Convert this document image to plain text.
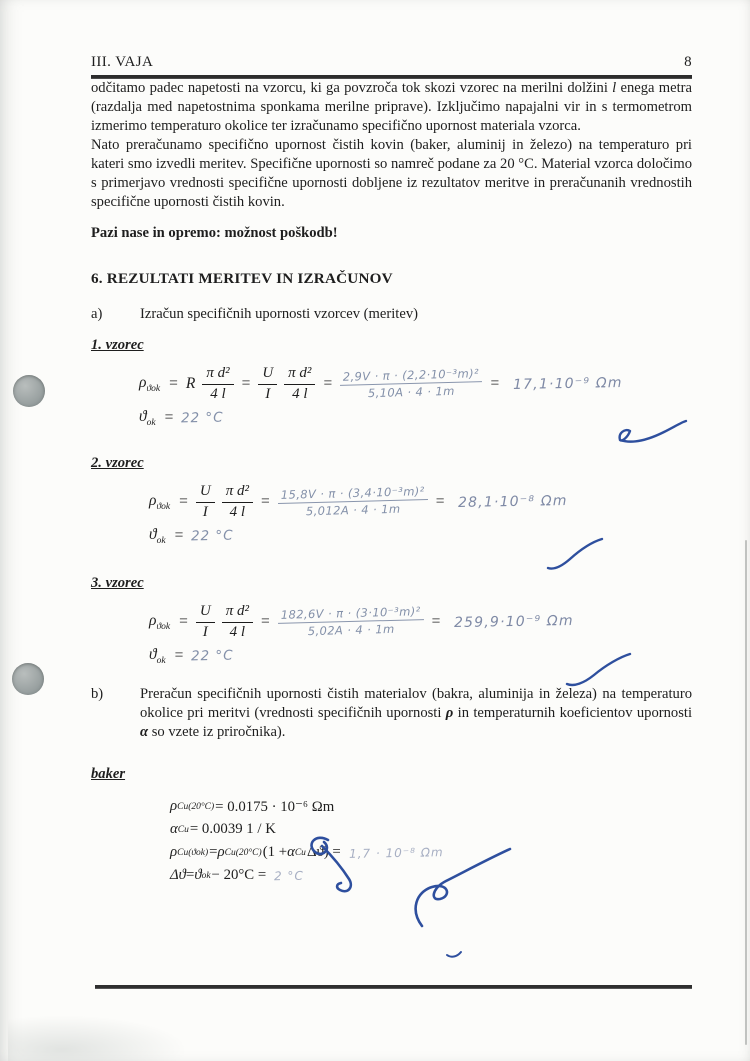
III. VAJA	8

odčitamo padec napetosti na vzorcu, ki ga povzroča tok skozi vzorec na merilni dolžini l enega metra (razdalja med napetostnima sponkama merilne priprave). Izključimo napajalni vir in s termometrom izmerimo temperaturo okolice ter izračunamo specifično upornost materiala vzorca.

Nato preračunamo specifično upornost čistih kovin (baker, aluminij in železo) na temperaturo pri kateri smo izvedli meritev. Specifične upornosti so namreč podane za 20 °C. Material vzorca določimo s primerjavo vrednosti specifične upornosti dobljene iz rezultatov meritve in preračunanih vrednostih specifične upornosti čistih kovin.

Pazi nase in opremo: možnost poškodb!

6. REZULTATI MERITEV IN IZRAČUNOV
a)	Izračun specifičnih upornosti vzorcev (meritev)
1. vzorec
$\rho_{ϑok} = R \frac{\text{π d²}}{4 l} = \frac{U}{I} \frac{\text{π d²}}{4 l} = \frac{\text{2,9V · π · (2,2·10⁻³m)²}}{5,10A \cdot 4 \cdot 1m} = 17,1\cdot 10^{-9}$ Ωm
$ϑ_{ok} = 22$ °C
2. vzorec
$\rho_{ϑok} = \frac{U}{I} \frac{\text{π d²}}{4 l} = \frac{\text{15,8V · π · (3,4·10⁻³m)²}}{5,012A \cdot 4 \cdot 1m} = 28,1\cdot 10^{-8}$ Ωm
$ϑ_{ok} = 22$ °C
3. vzorec
$\rho_{ϑok} = \frac{U}{I} \frac{\text{π d²}}{4 l} = \frac{\text{182,6V · π · (3·10⁻³m)²}}{5,02A \cdot 4 \cdot 1m} = 259,9\cdot 10^{-9}$ Ωm
$ϑ_{ok} = 22$ °C
b)	Preračun specifičnih upornosti čistih materialov (bakra, aluminija in železa) na temperaturo okolice pri meritvi (vrednosti specifičnih upornosti ρ in temperaturnih koeficientov upornosti α so vzete iz priročnika).
baker
ρ Cu(20°C) = 0.0175 · 10⁻⁶ Ωm
α Cu = 0.0039 1 / K
ρ Cu(ϑok) = ρ Cu(20°C) (1 + α Cu Δϑ) = 1,7 · 10⁻⁸ Ωm
Δϑ = ϑ ok − 20°C = 2 °C
